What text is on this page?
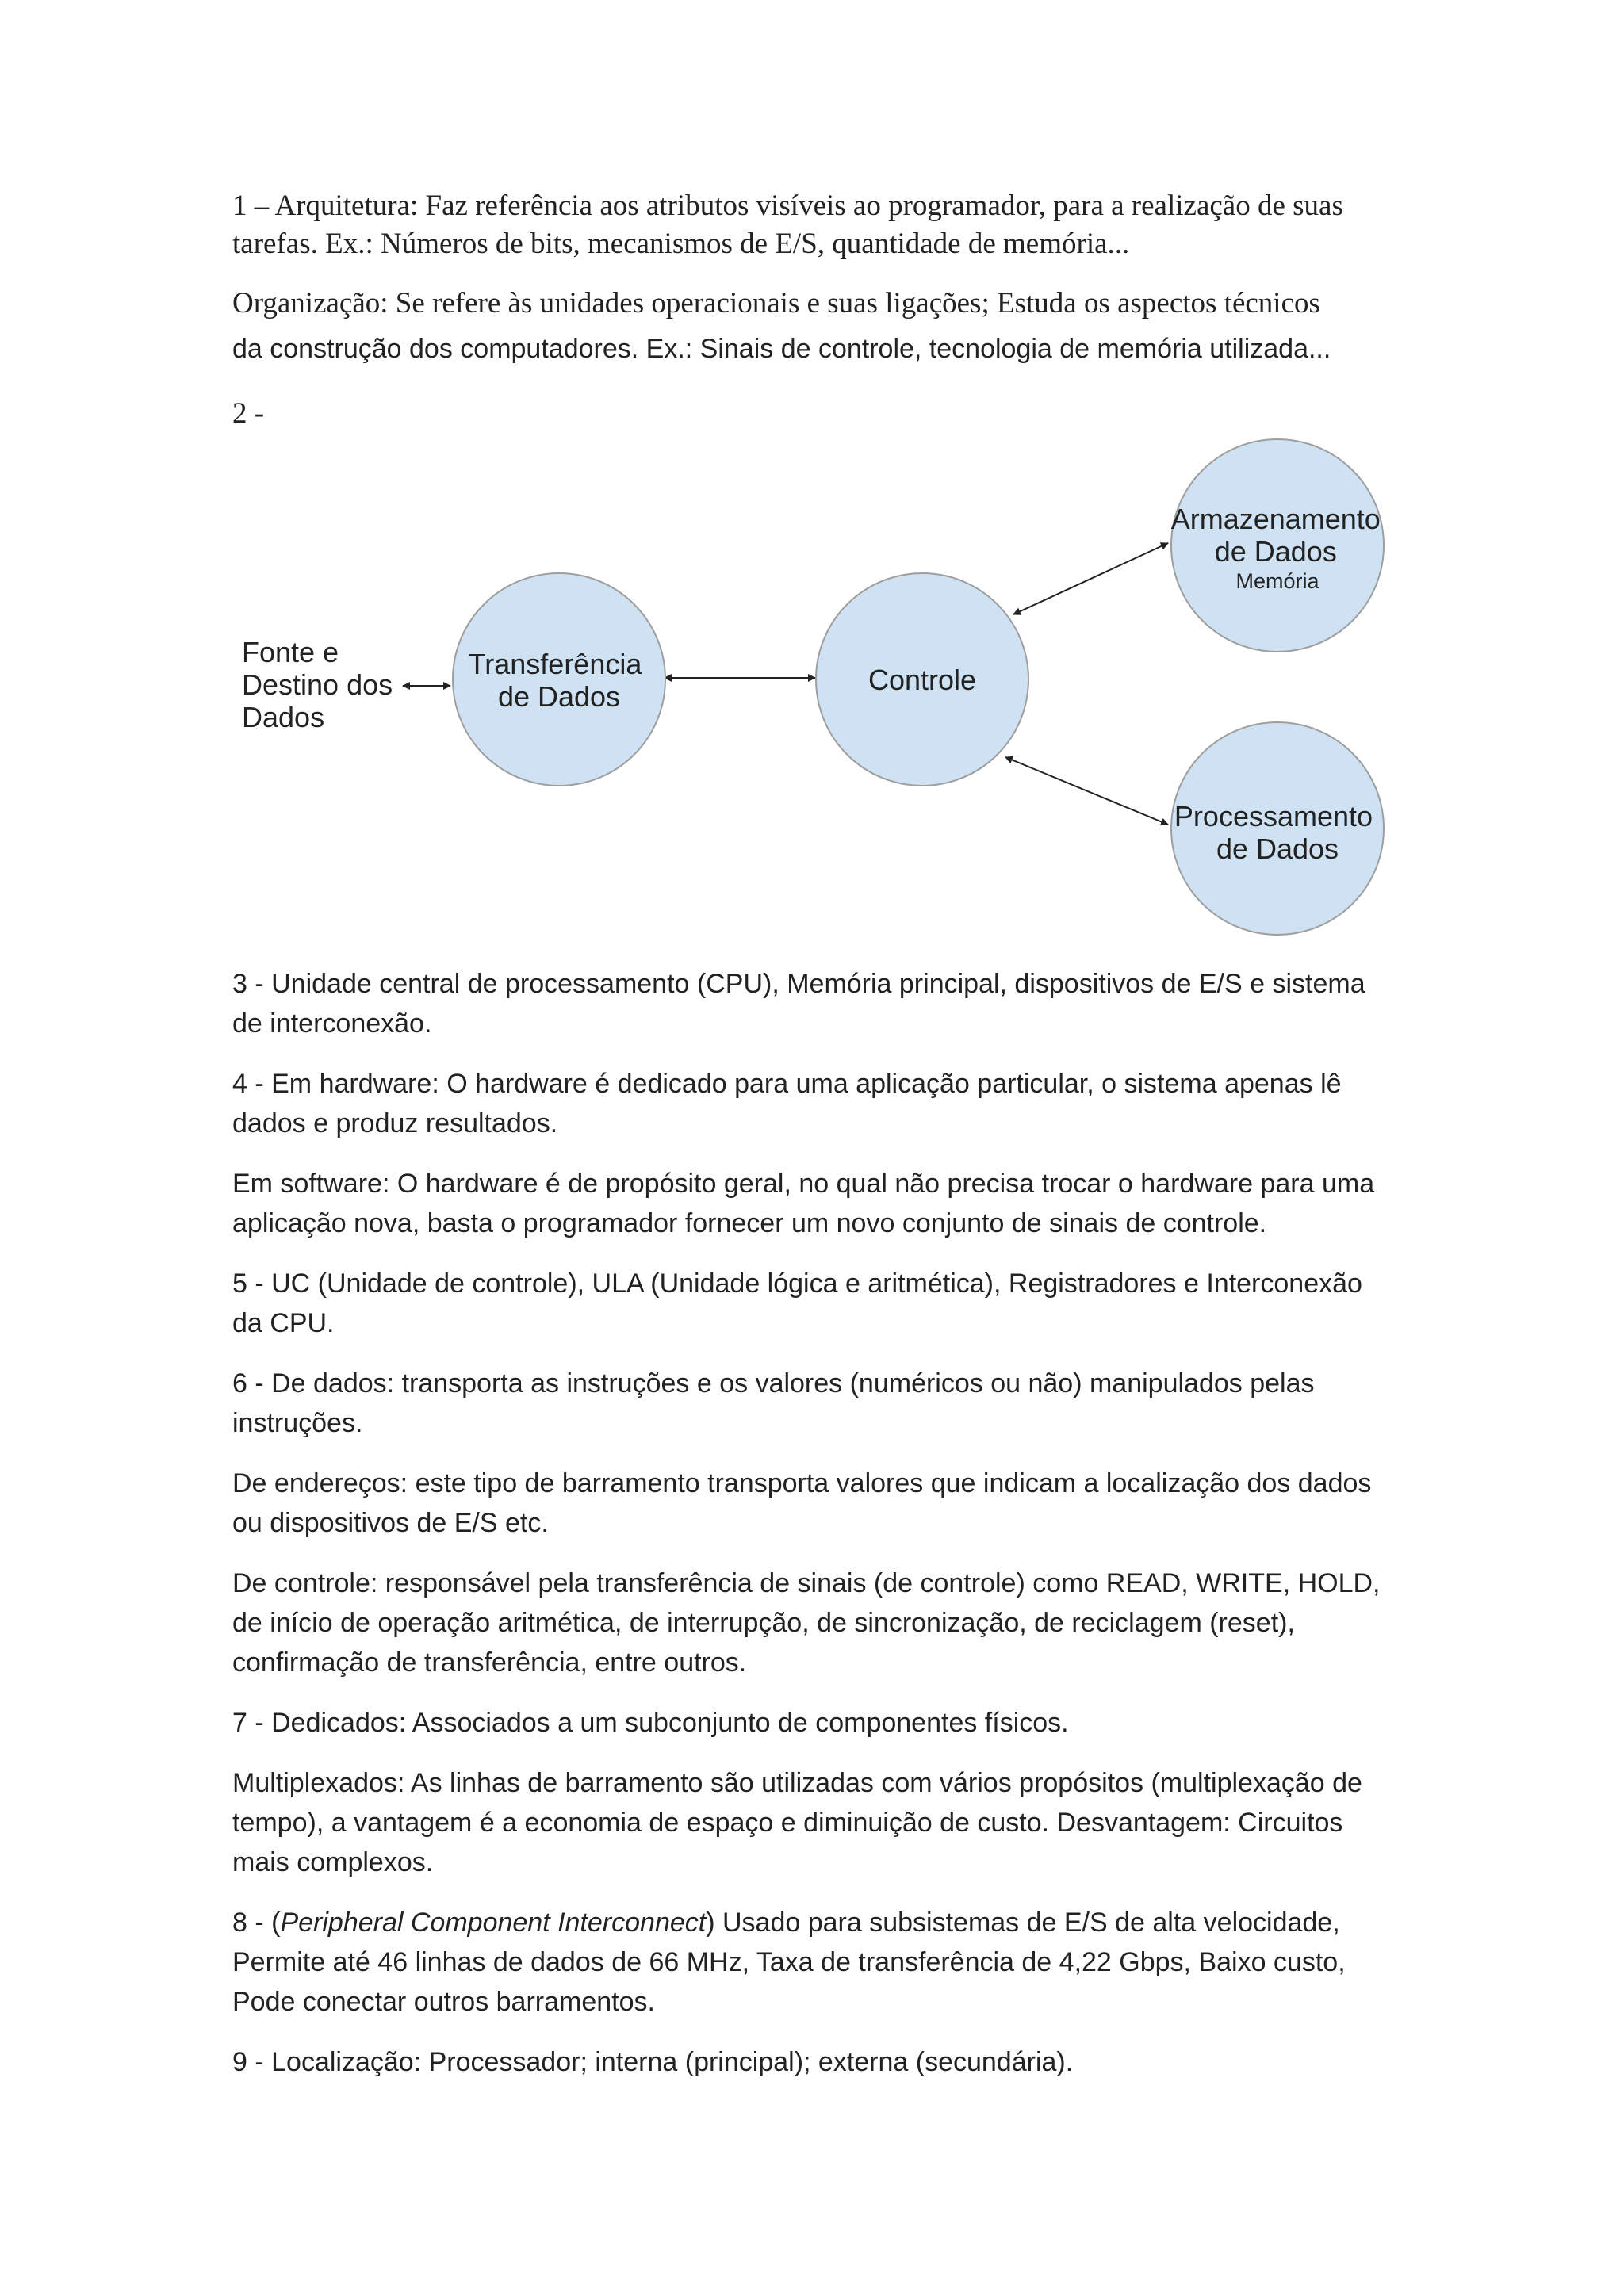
1 – Arquitetura: Faz referência aos atributos visíveis ao programador, para a realização de suas tarefas. Ex.: Números de bits, mecanismos de E/S, quantidade de memória...

Organização: Se refere às unidades operacionais e suas ligações; Estuda os aspectos técnicos
da construção dos computadores. Ex.: Sinais de controle, tecnologia de memória utilizada...

2 -

Fonte e Destino dos Dados
Transferência de Dados
Controle
Armazenamento de Dados Memória
Processamento de Dados

3 - Unidade central de processamento (CPU), Memória principal, dispositivos de E/S e sistema de interconexão.

4 - Em hardware: O hardware é dedicado para uma aplicação particular, o sistema apenas lê dados e produz resultados.

Em software: O hardware é de propósito geral, no qual não precisa trocar o hardware para uma aplicação nova, basta o programador fornecer um novo conjunto de sinais de controle.

5 - UC (Unidade de controle), ULA (Unidade lógica e aritmética), Registradores e Interconexão da CPU.

6 - De dados: transporta as instruções e os valores (numéricos ou não) manipulados pelas instruções.

De endereços: este tipo de barramento transporta valores que indicam a localização dos dados ou dispositivos de E/S etc.

De controle: responsável pela transferência de sinais (de controle) como READ, WRITE, HOLD, de início de operação aritmética, de interrupção, de sincronização, de reciclagem (reset), confirmação de transferência, entre outros.

7 - Dedicados: Associados a um subconjunto de componentes físicos.

Multiplexados: As linhas de barramento são utilizadas com vários propósitos (multiplexação de tempo), a vantagem é a economia de espaço e diminuição de custo. Desvantagem: Circuitos mais complexos.

8 - (Peripheral Component Interconnect) Usado para subsistemas de E/S de alta velocidade, Permite até 46 linhas de dados de 66 MHz, Taxa de transferência de 4,22 Gbps, Baixo custo, Pode conectar outros barramentos.

9 - Localização: Processador; interna (principal); externa (secundária).
